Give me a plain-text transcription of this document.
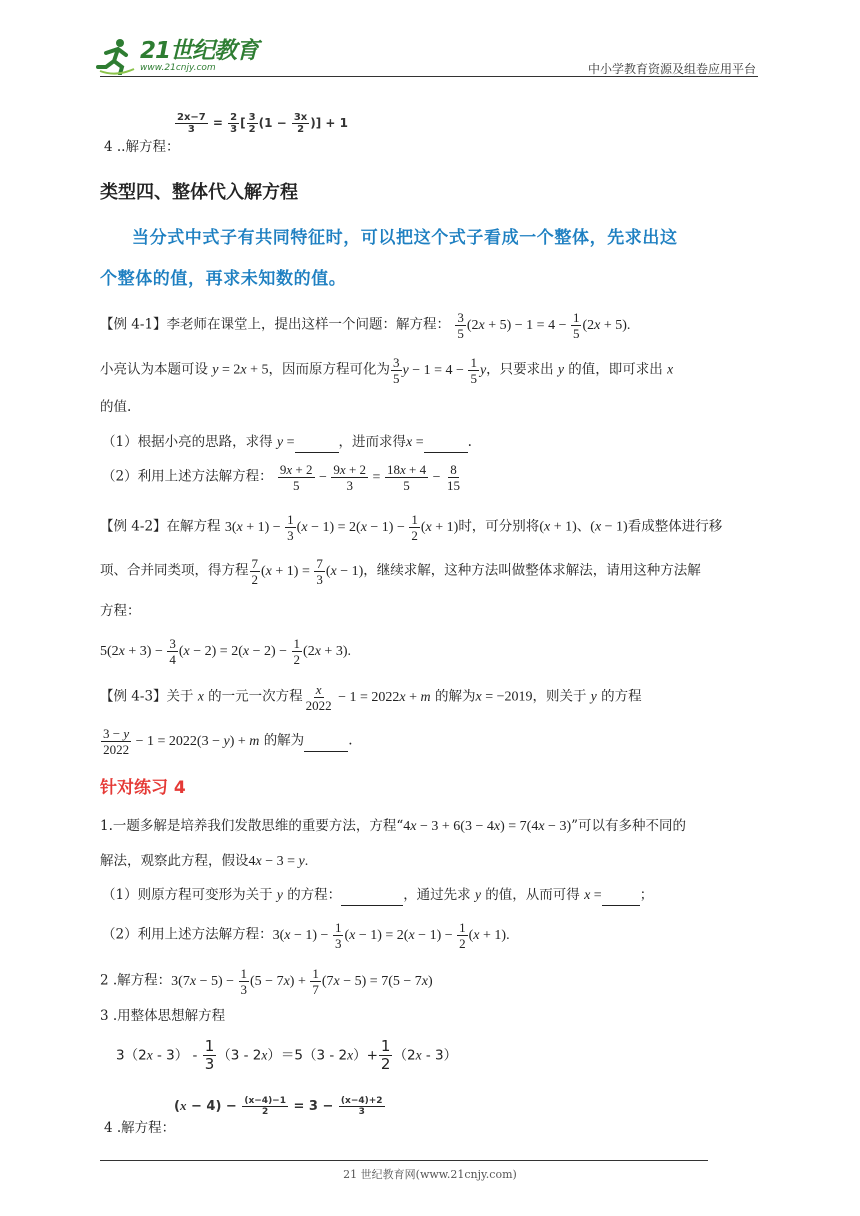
21世纪教育
www.21cnjy.com	中小学教育资源及组卷应用平台
$\frac{2x-7}{3} = \frac{2}{3}$ [ $\frac{3}{2} (1 - \frac{3x}{2}$ )] + 1
4 ..解方程：
类型四、整体代入解方程
当分式中式子有共同特征时，可以把这个式子看成一个整体，先求出这
个整体的值，再求未知数的值。
【例 4-1】李老师在课堂上，提出这样一个问题：解方程： $\frac{3}{5} (2x + 5) - 1 = 4 - \frac{1}{5} (2x + 5)$.
小亮认为本题可设 y = 2x + 5，因而原方程可化为 $\frac{3}{5}$ $y - 1 = 4 - \frac{1}{5}$ y，只要求出 y 的值，即可求出 x
的值.
（1）根据小亮的思路，求得 y =	，进而求得x =	.
（2）利用上述方法解方程： $\frac{9x + 2}{5} - \frac{9x + 2}{3} = \frac{18x + 4}{5} - \frac{8}{15}$
【例 4-2】在解方程 $3(x + 1) - \frac{1}{3} (x - 1) = 2(x - 1) - \frac{1}{2} (x + 1)$时，可分别将(x + 1)、(x − 1)看成整体进行移
项、合并同类项，得方程 $\frac{7}{2} (x + 1) = \frac{7}{3} (x - 1)$，继续求解，这种方法叫做整体求解法，请用这种方法解
方程：
$5(2x + 3) - \frac{3}{4} (x - 2) = 2(x - 2) - \frac{1}{2} (2x + 3)$.
【例 4-3】关于 x 的一元一次方程 $\frac{x}{2022} - 1 = 2022x + m$ 的解为x = −2019，则关于 y 的方程
$\frac{3 - y}{2022} - 1 = 2022(3 - y) + m$ 的解为	.
针对练习 4
1.一题多解是培养我们发散思维的重要方法，方程“4x − 3 + 6(3 − 4x) = 7(4x − 3)”可以有多种不同的
解法，观察此方程，假设4x − 3 = y.
（1）则原方程可变形为关于 y 的方程：	，通过先求 y 的值，从而可得 x =	；
（2）利用上述方法解方程：$3(x - 1) - \frac{1}{3} (x - 1) = 2(x - 1) - \frac{1}{2} (x + 1)$.
2 .解方程：$3(7x - 5) - \frac{1}{3} (5 - 7x) + \frac{1}{7} (7x - 5) = 7(5 - 7x)$
3 .用整体思想解方程
$3(2x - 3) - \frac{1}{3} (3 - 2x)=5(3 - 2x)+ \frac{1}{2} (2x - 3)$
$(x - 4) - \frac{(x-4)-1}{2} = 3 - \frac{(x-4)+2}{3}$
4 .解方程：
21 世纪教育网(www.21cnjy.com)
